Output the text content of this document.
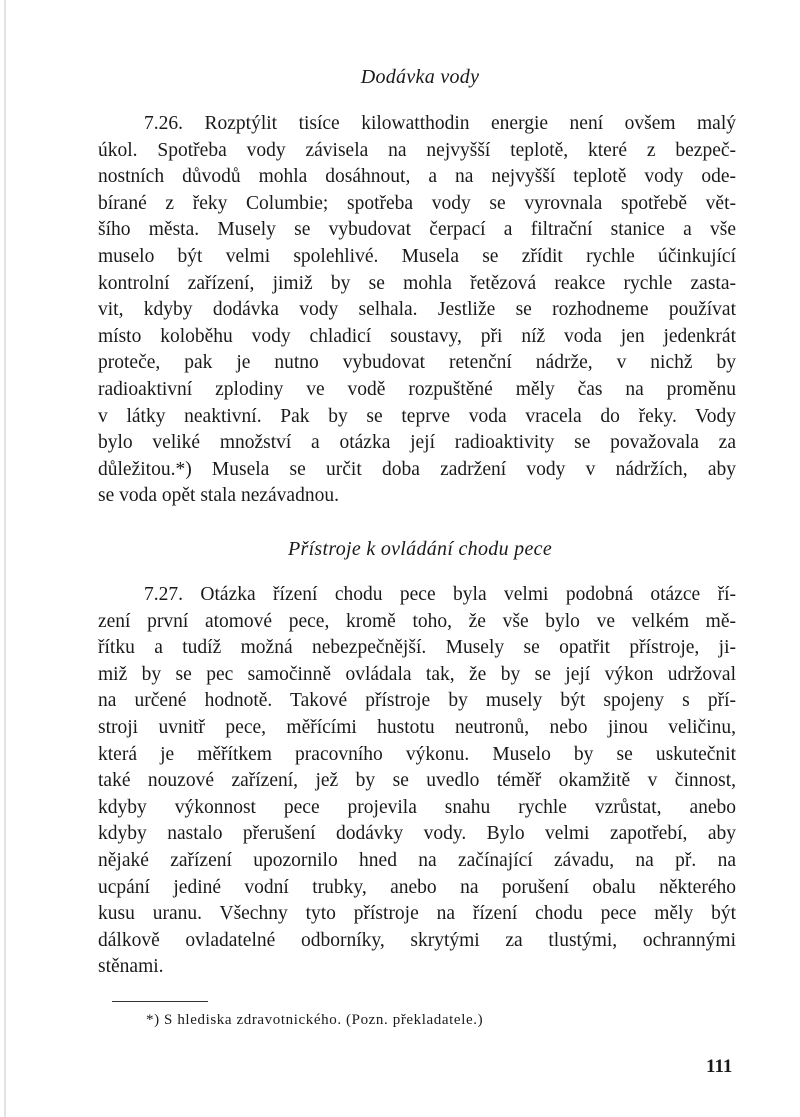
Dodávka vody
7.26. Rozptýlit tisíce kilowatthodin energie není ovšem malý
úkol. Spotřeba vody závisela na nejvyšší teplotě, které z bezpeč-
nostních důvodů mohla dosáhnout, a na nejvyšší teplotě vody ode-
bírané z řeky Columbie; spotřeba vody se vyrovnala spotřebě vět-
šího města. Musely se vybudovat čerpací a filtrační stanice a vše
muselo být velmi spolehlivé. Musela se zřídit rychle účinkující
kontrolní zařízení, jimiž by se mohla řetězová reakce rychle zasta-
vit, kdyby dodávka vody selhala. Jestliže se rozhodneme používat
místo koloběhu vody chladicí soustavy, při níž voda jen jedenkrát
proteče, pak je nutno vybudovat retenční nádrže, v nichž by
radioaktivní zplodiny ve vodě rozpuštěné měly čas na proměnu
v látky neaktivní. Pak by se teprve voda vracela do řeky. Vody
bylo veliké množství a otázka její radioaktivity se považovala za
důležitou.*) Musela se určit doba zadržení vody v nádržích, aby
se voda opět stala nezávadnou.
Přístroje k ovládání chodu pece
7.27. Otázka řízení chodu pece byla velmi podobná otázce ří-
zení první atomové pece, kromě toho, že vše bylo ve velkém mě-
řítku a tudíž možná nebezpečnější. Musely se opatřit přístroje, ji-
miž by se pec samočinně ovládala tak, že by se její výkon udržoval
na určené hodnotě. Takové přístroje by musely být spojeny s pří-
stroji uvnitř pece, měřícími hustotu neutronů, nebo jinou veličinu,
která je měřítkem pracovního výkonu. Muselo by se uskutečnit
také nouzové zařízení, jež by se uvedlo téměř okamžitě v činnost,
kdyby výkonnost pece projevila snahu rychle vzrůstat, anebo
kdyby nastalo přerušení dodávky vody. Bylo velmi zapotřebí, aby
nějaké zařízení upozornilo hned na začínající závadu, na př. na
ucpání jediné vodní trubky, anebo na porušení obalu některého
kusu uranu. Všechny tyto přístroje na řízení chodu pece měly být
dálkově ovladatelné odborníky, skrytými za tlustými, ochrannými
stěnami.
*) S hlediska zdravotnického. (Pozn. překladatele.)
111
